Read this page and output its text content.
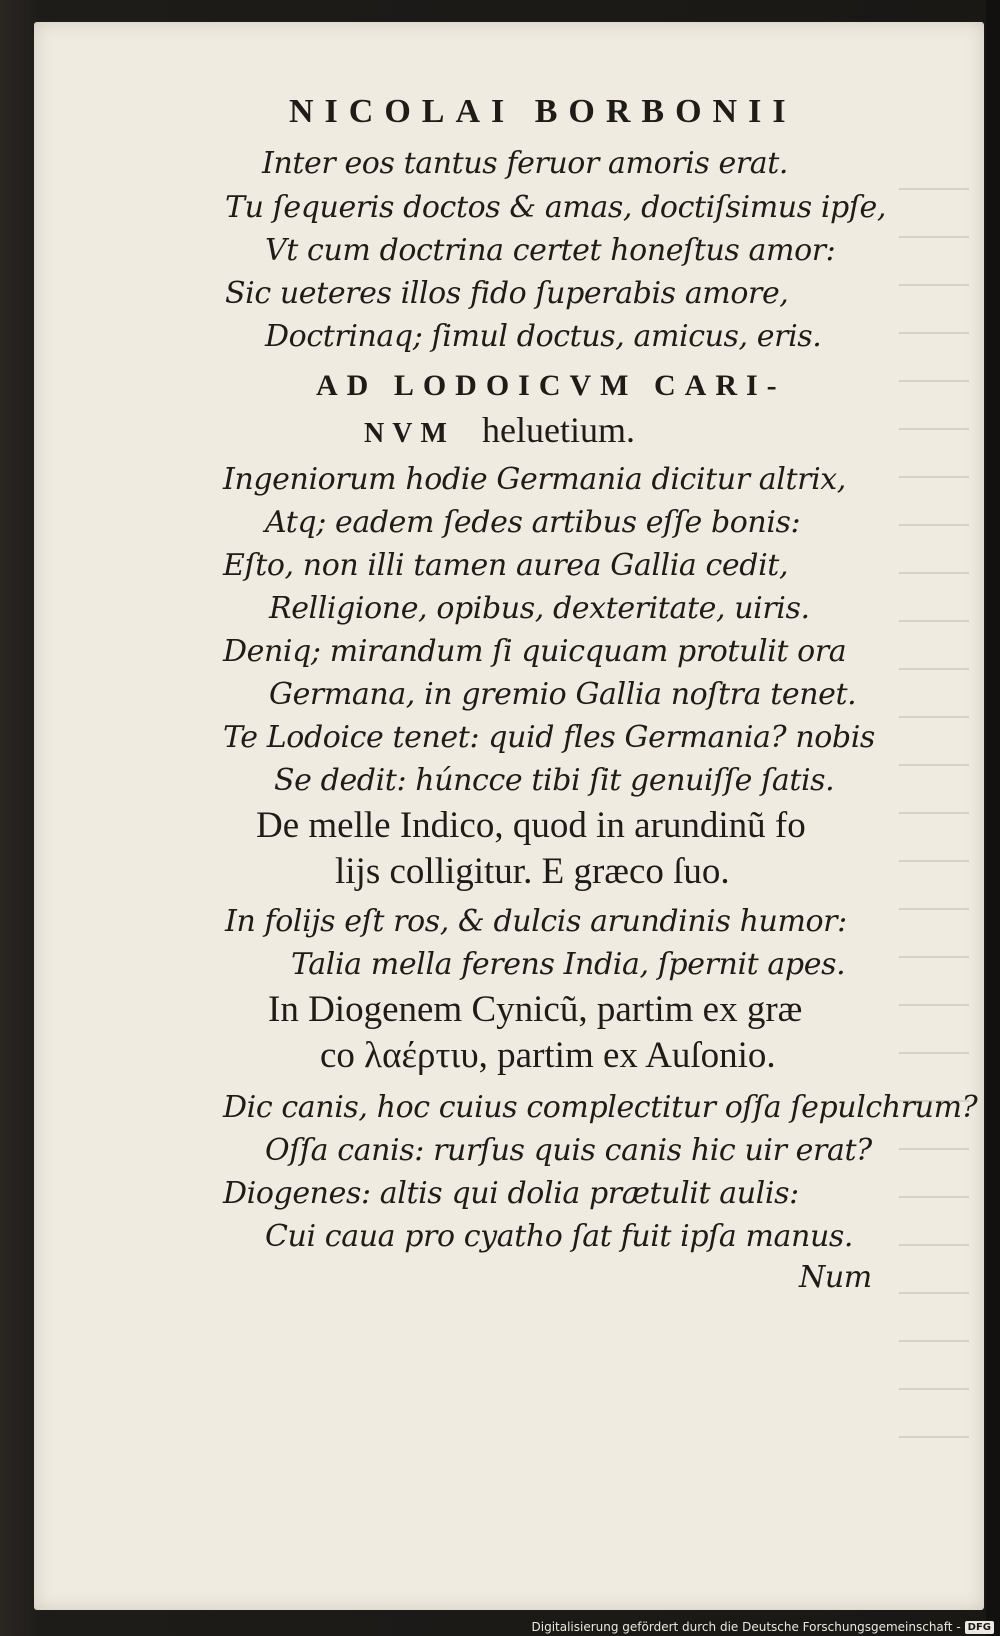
NICOLAI BORBONII
Inter eos tantus feruor amoris erat.
Tu ſequeris doctos & amas, doctiſsimus ipſe,
Vt cum doctrina certet honeſtus amor:
Sic ueteres illos fido ſuperabis amore,
Doctrinaq; ſimul doctus, amicus, eris.
AD LODOICVM CARI-
NVM heluetium.
Ingeniorum hodie Germania dicitur altrix,
Atq; eadem ſedes artibus eſſe bonis:
Eſto, non illi tamen aurea Gallia cedit,
Relligione, opibus, dexteritate, uiris.
Deniq; mirandum ſi quicquam protulit ora
Germana, in gremio Gallia noſtra tenet.
Te Lodoice tenet: quid fles Germania? nobis
Se dedit: húncce tibi ſit genuiſſe ſatis.
De melle Indico, quod in arundinũ fo
lijs colligitur. E græco ſuo.
In folijs eſt ros, & dulcis arundinis humor:
Talia mella ferens India, ſpernit apes.
In Diogenem Cynicũ, partim ex græ
co λαέρτιυ, partim ex Auſonio.
Dic canis, hoc cuius complectitur oſſa ſepulchrum?
Oſſa canis: rurſus quis canis hic uir erat?
Diogenes: altis qui dolia prætulit aulis:
Cui caua pro cyatho ſat fuit ipſa manus.
Num
Digitalisierung gefördert durch die Deutsche Forschungsgemeinschaft - DFG
